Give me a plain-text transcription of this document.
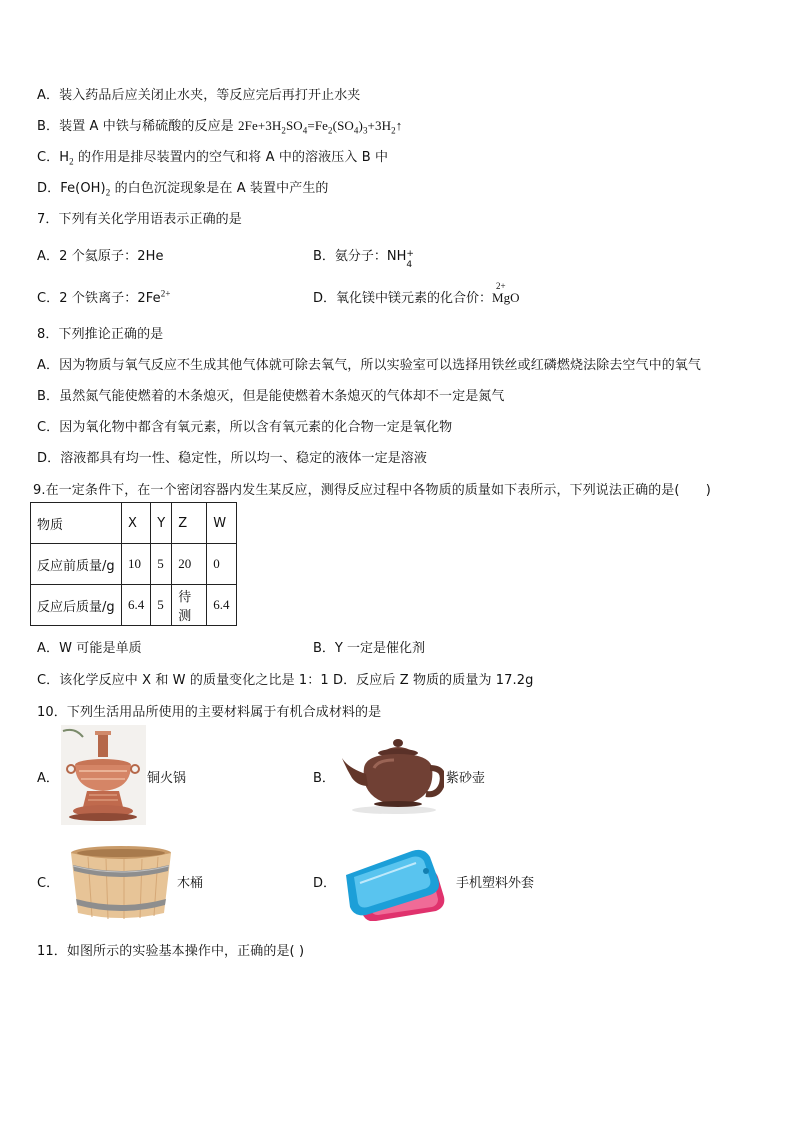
A．装入药品后应关闭止水夹，等反应完后再打开止水夹
B．装置 A 中铁与稀硫酸的反应是 $2Fe+3H_2SO_4=Fe_2(SO_4)_3+3H_2↑$
C．$H_2$ 的作用是排尽装置内的空气和将 A 中的溶液压入 B 中
D．$Fe(OH)_2$ 的白色沉淀现象是在 A 装置中产生的
7．下列有关化学用语表示正确的是
A．2 个氦原子：2He	B．氨分子：NH +
4
C．2 个铁离子：$2Fe^{2+}$	D．氧化镁中镁元素的化合价：
2+
MgO
8．下列推论正确的是
A．因为物质与氧气反应不生成其他气体就可除去氧气，所以实验室可以选择用铁丝或红磷燃烧法除去空气中的氧气
B．虽然氮气能使燃着的木条熄灭，但是能使燃着木条熄灭的气体却不一定是氮气
C．因为氧化物中都含有氧元素，所以含有氧元素的化合物一定是氧化物
D．溶液都具有均一性、稳定性，所以均一、稳定的液体一定是溶液
9.在一定条件下，在一个密闭容器内发生某反应，测得反应过程中各物质的质量如下表所示，下列说法正确的是(　　)
物质	X	Y	Z	W
反应前质量/g	10	5	20	0
反应后质量/g	6.4	5	待测	6.4
A．W 可能是单质	B．Y 一定是催化剂
C．该化学反应中 X 和 W 的质量变化之比是 1：1 D．反应后 Z 物质的质量为 17.2g
10．下列生活用品所使用的主要材料属于有机合成材料的是
A．	铜火锅	B．	紫砂壶
C．	木桶	D．	手机塑料外套
11．如图所示的实验基本操作中，正确的是( )
